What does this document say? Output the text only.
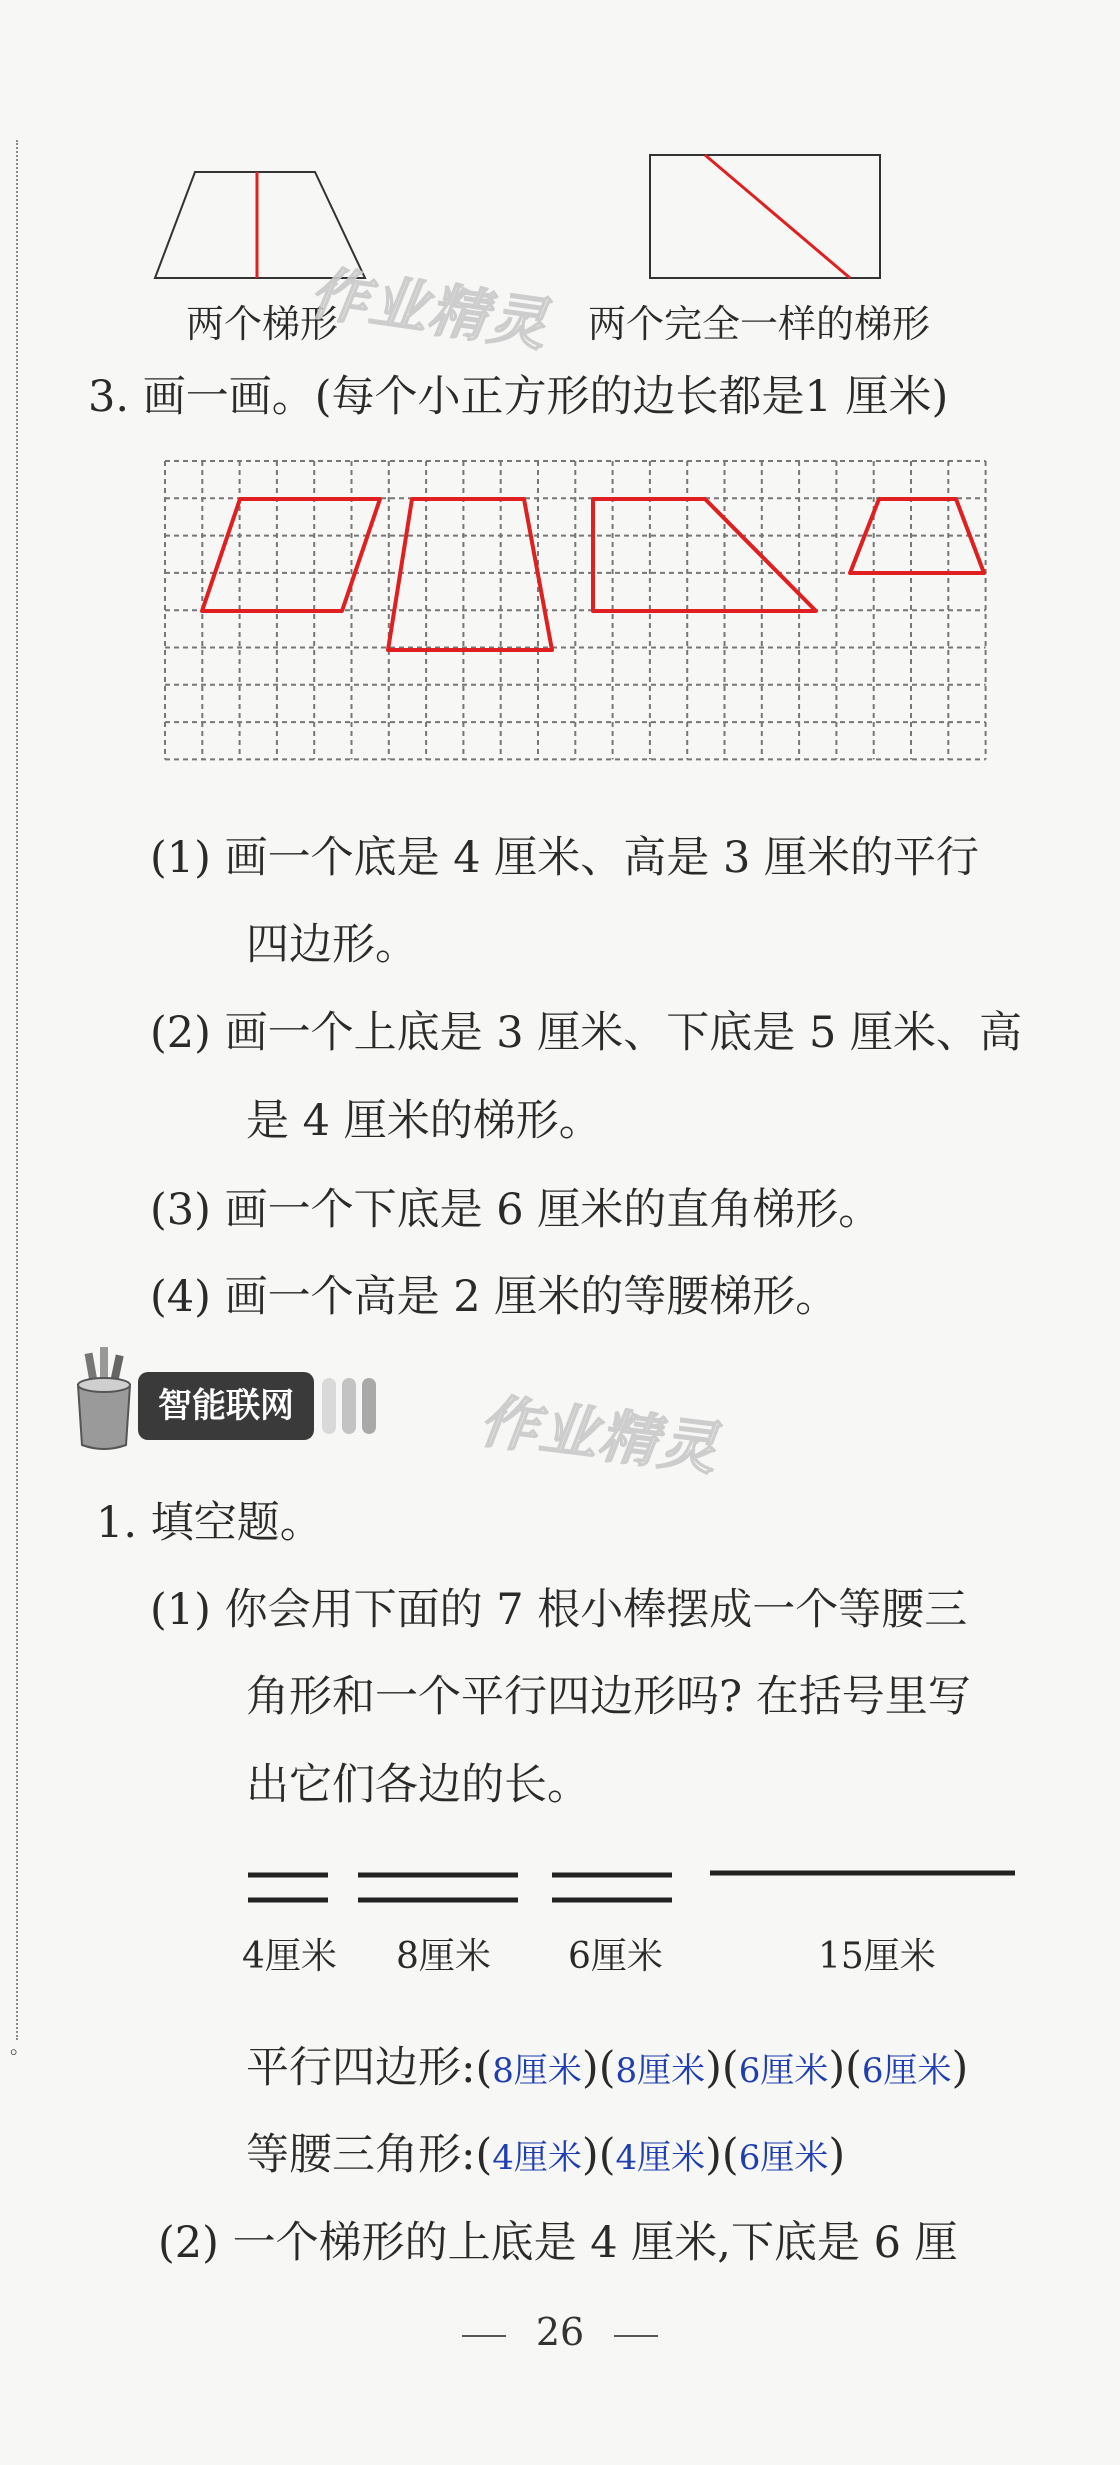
两个梯形	两个完全一样的梯形
作业精灵
3. 画一画。(每个小正方形的边长都是1 厘米)
(1) 画一个底是 4 厘米、高是 3 厘米的平行
四边形。
(2) 画一个上底是 3 厘米、下底是 5 厘米、高
是 4 厘米的梯形。
(3) 画一个下底是 6 厘米的直角梯形。
(4) 画一个高是 2 厘米的等腰梯形。
智能联网	作业精灵
1. 填空题。
(1) 你会用下面的 7 根小棒摆成一个等腰三
角形和一个平行四边形吗? 在括号里写
出它们各边的长。
4厘米 8厘米 6厘米	15厘米
平行四边形:(8厘米)(8厘米)(6厘米)(6厘米)
等腰三角形:(4厘米)(4厘米)(6厘米)
(2) 一个梯形的上底是 4 厘米,下底是 6 厘
。
26
